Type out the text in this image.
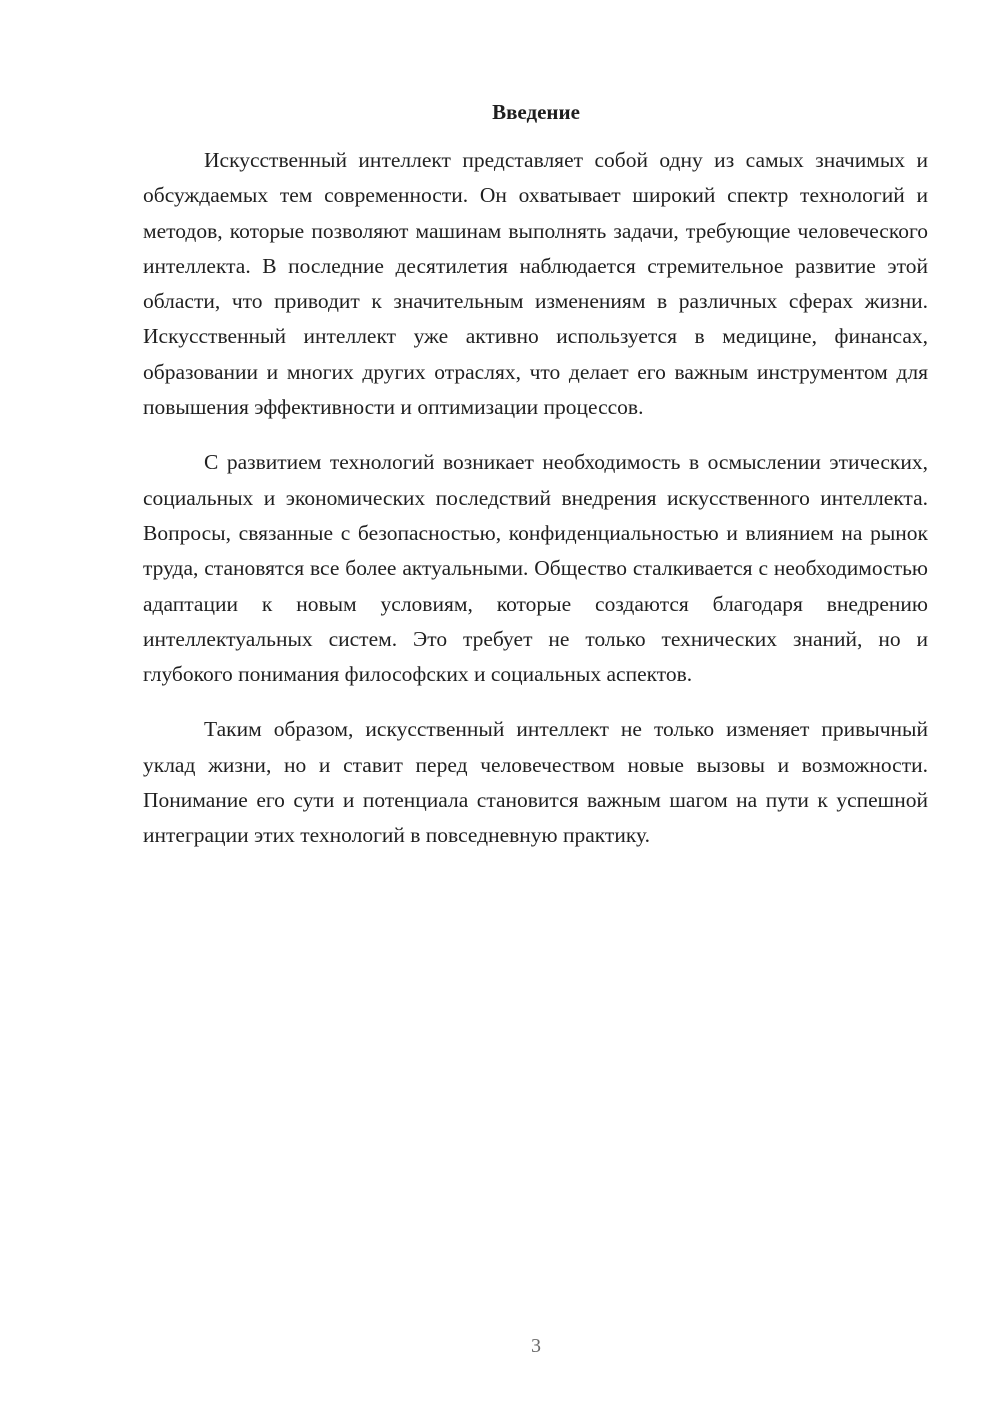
Введение

Искусственный интеллект представляет собой одну из самых значимых и обсуждаемых тем современности. Он охватывает широкий спектр технологий и методов, которые позволяют машинам выполнять задачи, требующие человеческого интеллекта. В последние десятилетия наблюдается стремительное развитие этой области, что приводит к значительным изменениям в различных сферах жизни. Искусственный интеллект уже активно используется в медицине, финансах, образовании и многих других отраслях, что делает его важным инструментом для повышения эффективности и оптимизации процессов.

С развитием технологий возникает необходимость в осмыслении этических, социальных и экономических последствий внедрения искусственного интеллекта. Вопросы, связанные с безопасностью, конфиденциальностью и влиянием на рынок труда, становятся все более актуальными. Общество сталкивается с необходимостью адаптации к новым условиям, которые создаются благодаря внедрению интеллектуальных систем. Это требует не только технических знаний, но и глубокого понимания философских и социальных аспектов.

Таким образом, искусственный интеллект не только изменяет привычный уклад жизни, но и ставит перед человечеством новые вызовы и возможности. Понимание его сути и потенциала становится важным шагом на пути к успешной интеграции этих технологий в повседневную практику.

3
